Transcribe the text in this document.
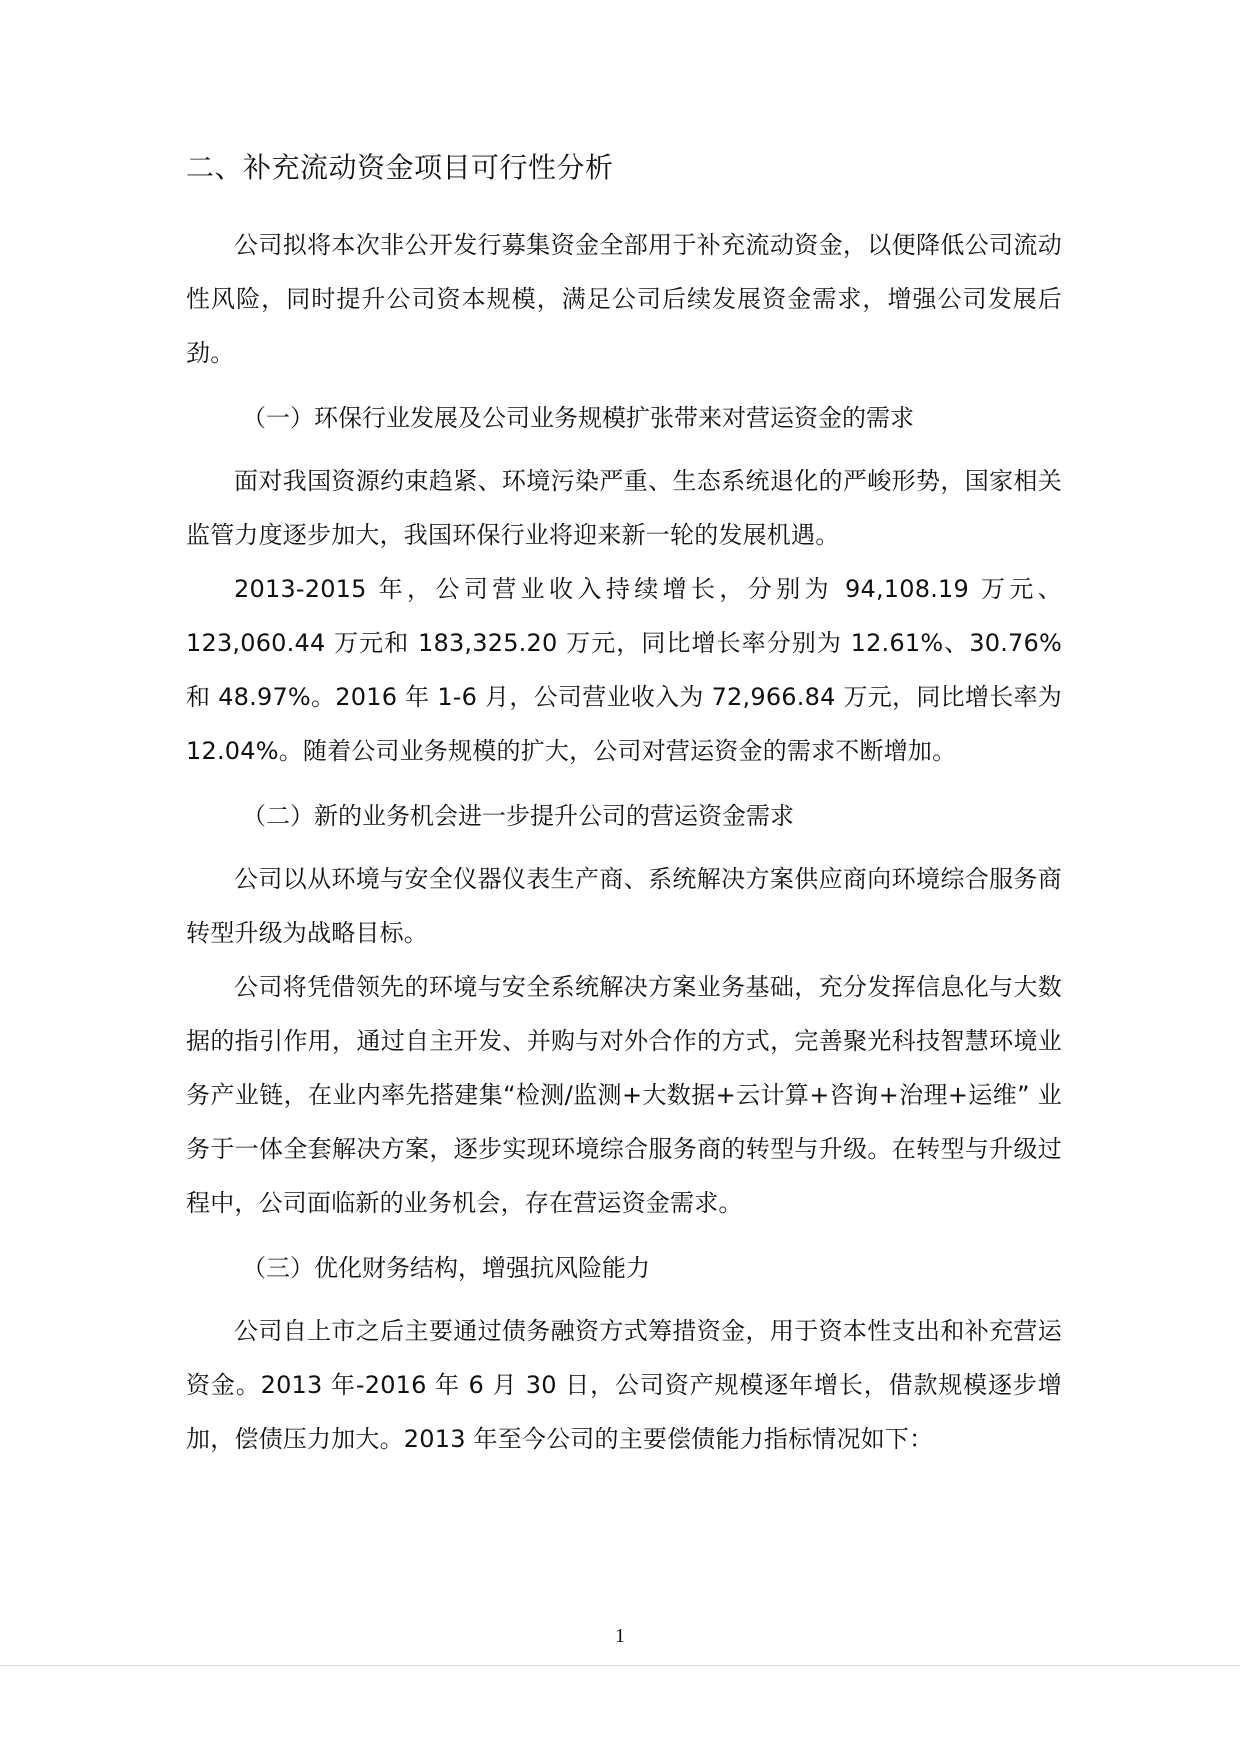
二、补充流动资金项目可行性分析

公司拟将本次非公开发行募集资金全部用于补充流动资金，以便降低公司流动性风险，同时提升公司资本规模，满足公司后续发展资金需求，增强公司发展后劲。

（一）环保行业发展及公司业务规模扩张带来对营运资金的需求

面对我国资源约束趋紧、环境污染严重、生态系统退化的严峻形势，国家相关监管力度逐步加大，我国环保行业将迎来新一轮的发展机遇。

2013-2015 年，公司营业收入持续增长，分别为 94,108.19 万元、123,060.44 万元和 183,325.20 万元，同比增长率分别为 12.61%、30.76%和 48.97%。2016 年 1-6 月，公司营业收入为 72,966.84 万元，同比增长率为 12.04%。随着公司业务规模的扩大，公司对营运资金的需求不断增加。

（二）新的业务机会进一步提升公司的营运资金需求

公司以从环境与安全仪器仪表生产商、系统解决方案供应商向环境综合服务商转型升级为战略目标。

公司将凭借领先的环境与安全系统解决方案业务基础，充分发挥信息化与大数据的指引作用，通过自主开发、并购与对外合作的方式，完善聚光科技智慧环境业务产业链，在业内率先搭建集“检测/监测+大数据+云计算+咨询+治理+运维” 业务于一体全套解决方案，逐步实现环境综合服务商的转型与升级。在转型与升级过程中，公司面临新的业务机会，存在营运资金需求。

（三）优化财务结构，增强抗风险能力

公司自上市之后主要通过债务融资方式筹措资金，用于资本性支出和补充营运资金。2013 年-2016 年 6 月 30 日，公司资产规模逐年增长，借款规模逐步增加，偿债压力加大。2013 年至今公司的主要偿债能力指标情况如下：

1
